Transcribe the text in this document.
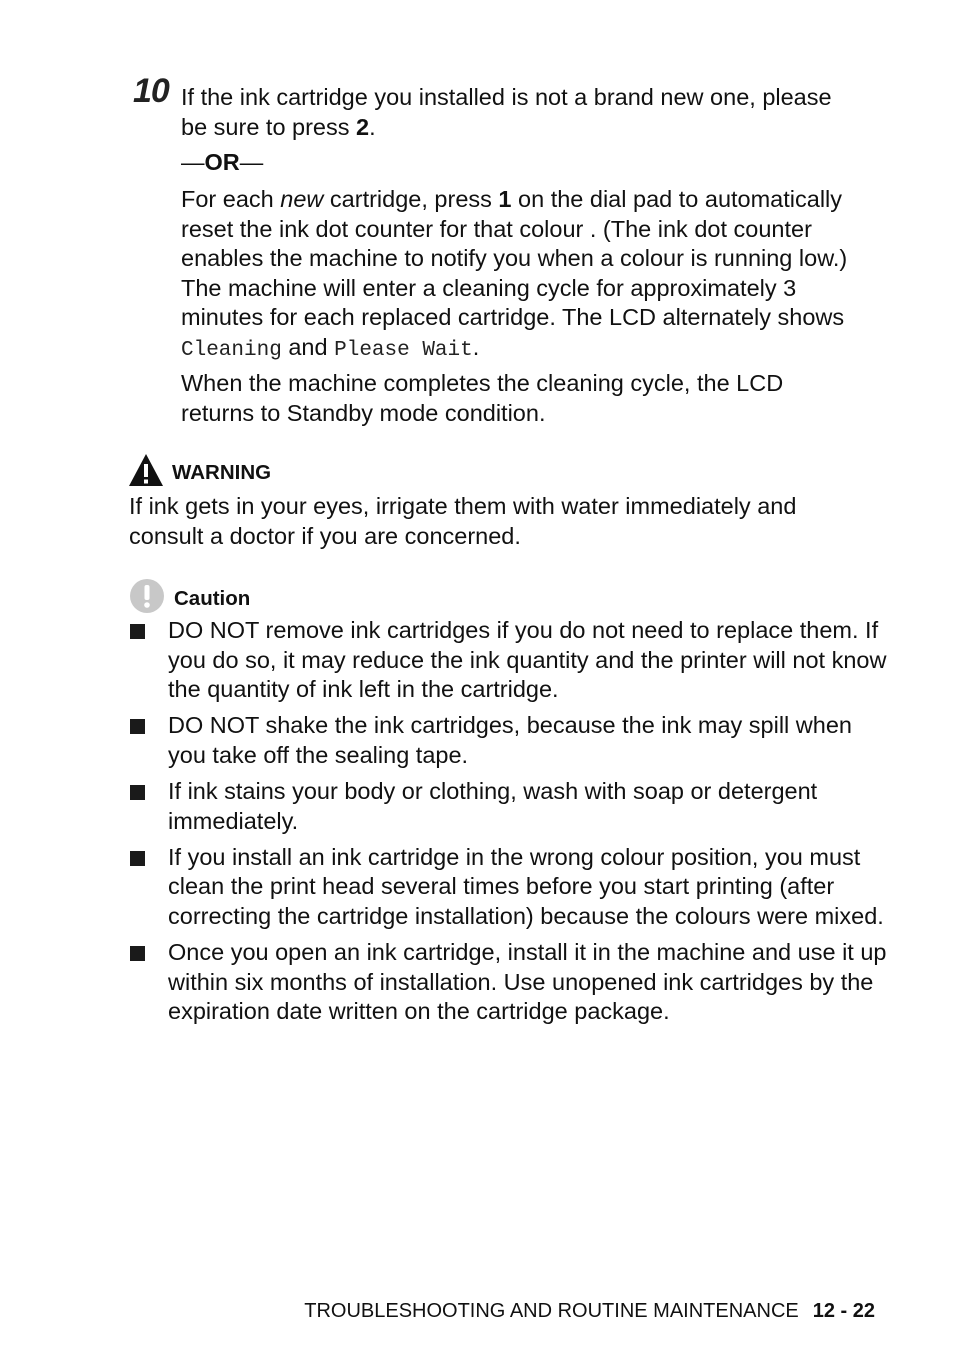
10 If the ink cartridge you installed is not a brand new one, please
be sure to press 2.
—OR—
For each new cartridge, press 1 on the dial pad to automatically reset the ink dot counter for that colour . (The ink dot counter enables the machine to notify you when a colour is running low.) The machine will enter a cleaning cycle for approximately 3 minutes for each replaced cartridge. The LCD alternately shows
Cleaning and Please Wait.
When the machine completes the cleaning cycle, the LCD returns to Standby mode condition.
WARNING
If ink gets in your eyes, irrigate them with water immediately and consult a doctor if you are concerned.
Caution
DO NOT remove ink cartridges if you do not need to replace them. If you do so, it may reduce the ink quantity and the printer will not know the quantity of ink left in the cartridge.
DO NOT shake the ink cartridges, because the ink may spill when you take off the sealing tape.
If ink stains your body or clothing, wash with soap or detergent immediately.
If you install an ink cartridge in the wrong colour position, you must clean the print head several times before you start printing (after correcting the cartridge installation) because the colours were mixed.
Once you open an ink cartridge, install it in the machine and use it up within six months of installation. Use unopened ink cartridges by the expiration date written on the cartridge package.
TROUBLESHOOTING AND ROUTINE MAINTENANCE 12 - 22
